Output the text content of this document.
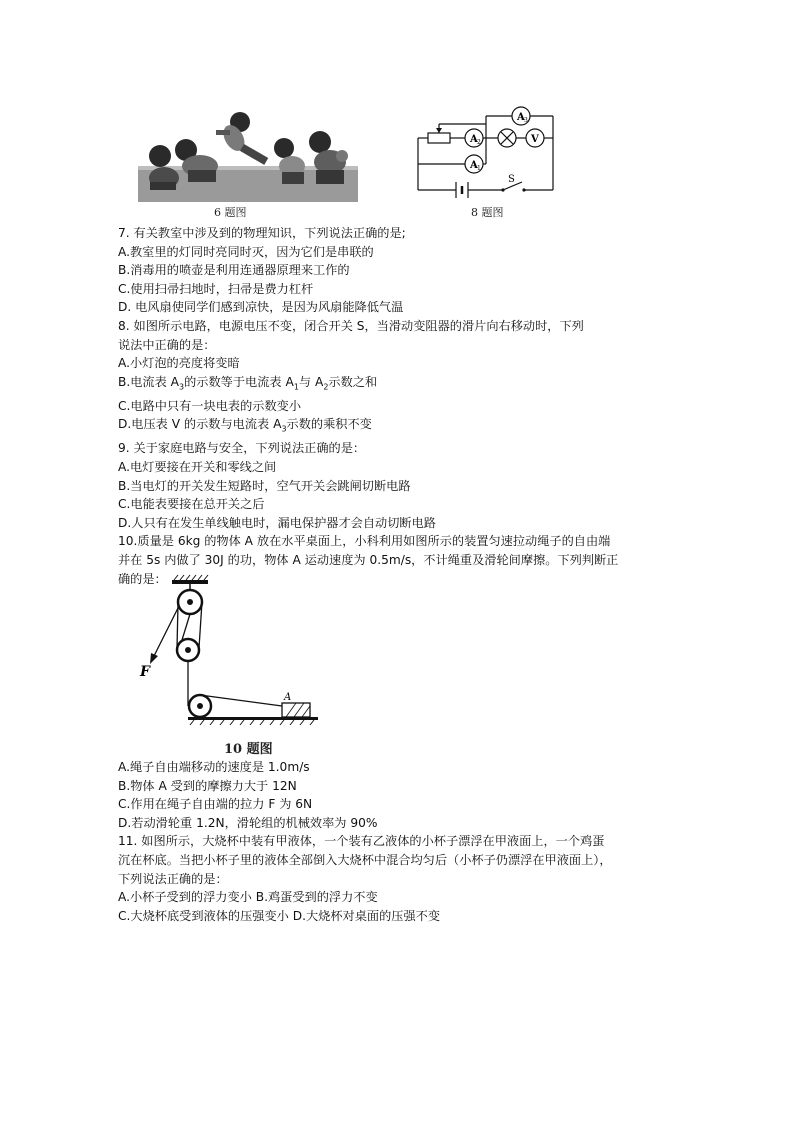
6 题图
A 3
A 2	V
A 1
S
8 题图

7. 有关教室中涉及到的物理知识，下列说法正确的是;

A.教室里的灯同时亮同时灭，因为它们是串联的

B.消毒用的喷壶是利用连通器原理来工作的

C.使用扫帚扫地时，扫帚是费力杠杆

D. 电风扇使同学们感到凉快，是因为风扇能降低气温

8. 如图所示电路，电源电压不变，闭合开关 S，当滑动变阻器的滑片向右移动时，下列

说法中正确的是：

A.小灯泡的亮度将变暗

B.电流表 $A_3$的示数等于电流表 $A_1$与 $A_2$示数之和

C.电路中只有一块电表的示数变小

D.电压表 V 的示数与电流表 $A_3$示数的乘积不变

9. 关于家庭电路与安全，下列说法正确的是：

A.电灯要接在开关和零线之间

B.当电灯的开关发生短路时，空气开关会跳闸切断电路

C.电能表要接在总开关之后

D.人只有在发生单线触电时，漏电保护器才会自动切断电路

10.质量是 6kg 的物体 A 放在水平桌面上，小科利用如图所示的装置匀速拉动绳子的自由端

并在 5s 内做了 30J 的功，物体 A 运动速度为 0.5m/s，不计绳重及滑轮间摩擦。下列判断正

确的是：

F
A
10 题图

A.绳子自由端移动的速度是 1.0m/s

B.物体 A 受到的摩擦力大于 12N

C.作用在绳子自由端的拉力 F 为 6N

D.若动滑轮重 1.2N，滑轮组的机械效率为 90%

11. 如图所示，大烧杯中装有甲液体，一个装有乙液体的小杯子漂浮在甲液面上，一个鸡蛋

沉在杯底。当把小杯子里的液体全部倒入大烧杯中混合均匀后（小杯子仍漂浮在甲液面上），

下列说法正确的是：

A.小杯子受到的浮力变小 B.鸡蛋受到的浮力不变

C.大烧杯底受到液体的压强变小 D.大烧杯对桌面的压强不变
